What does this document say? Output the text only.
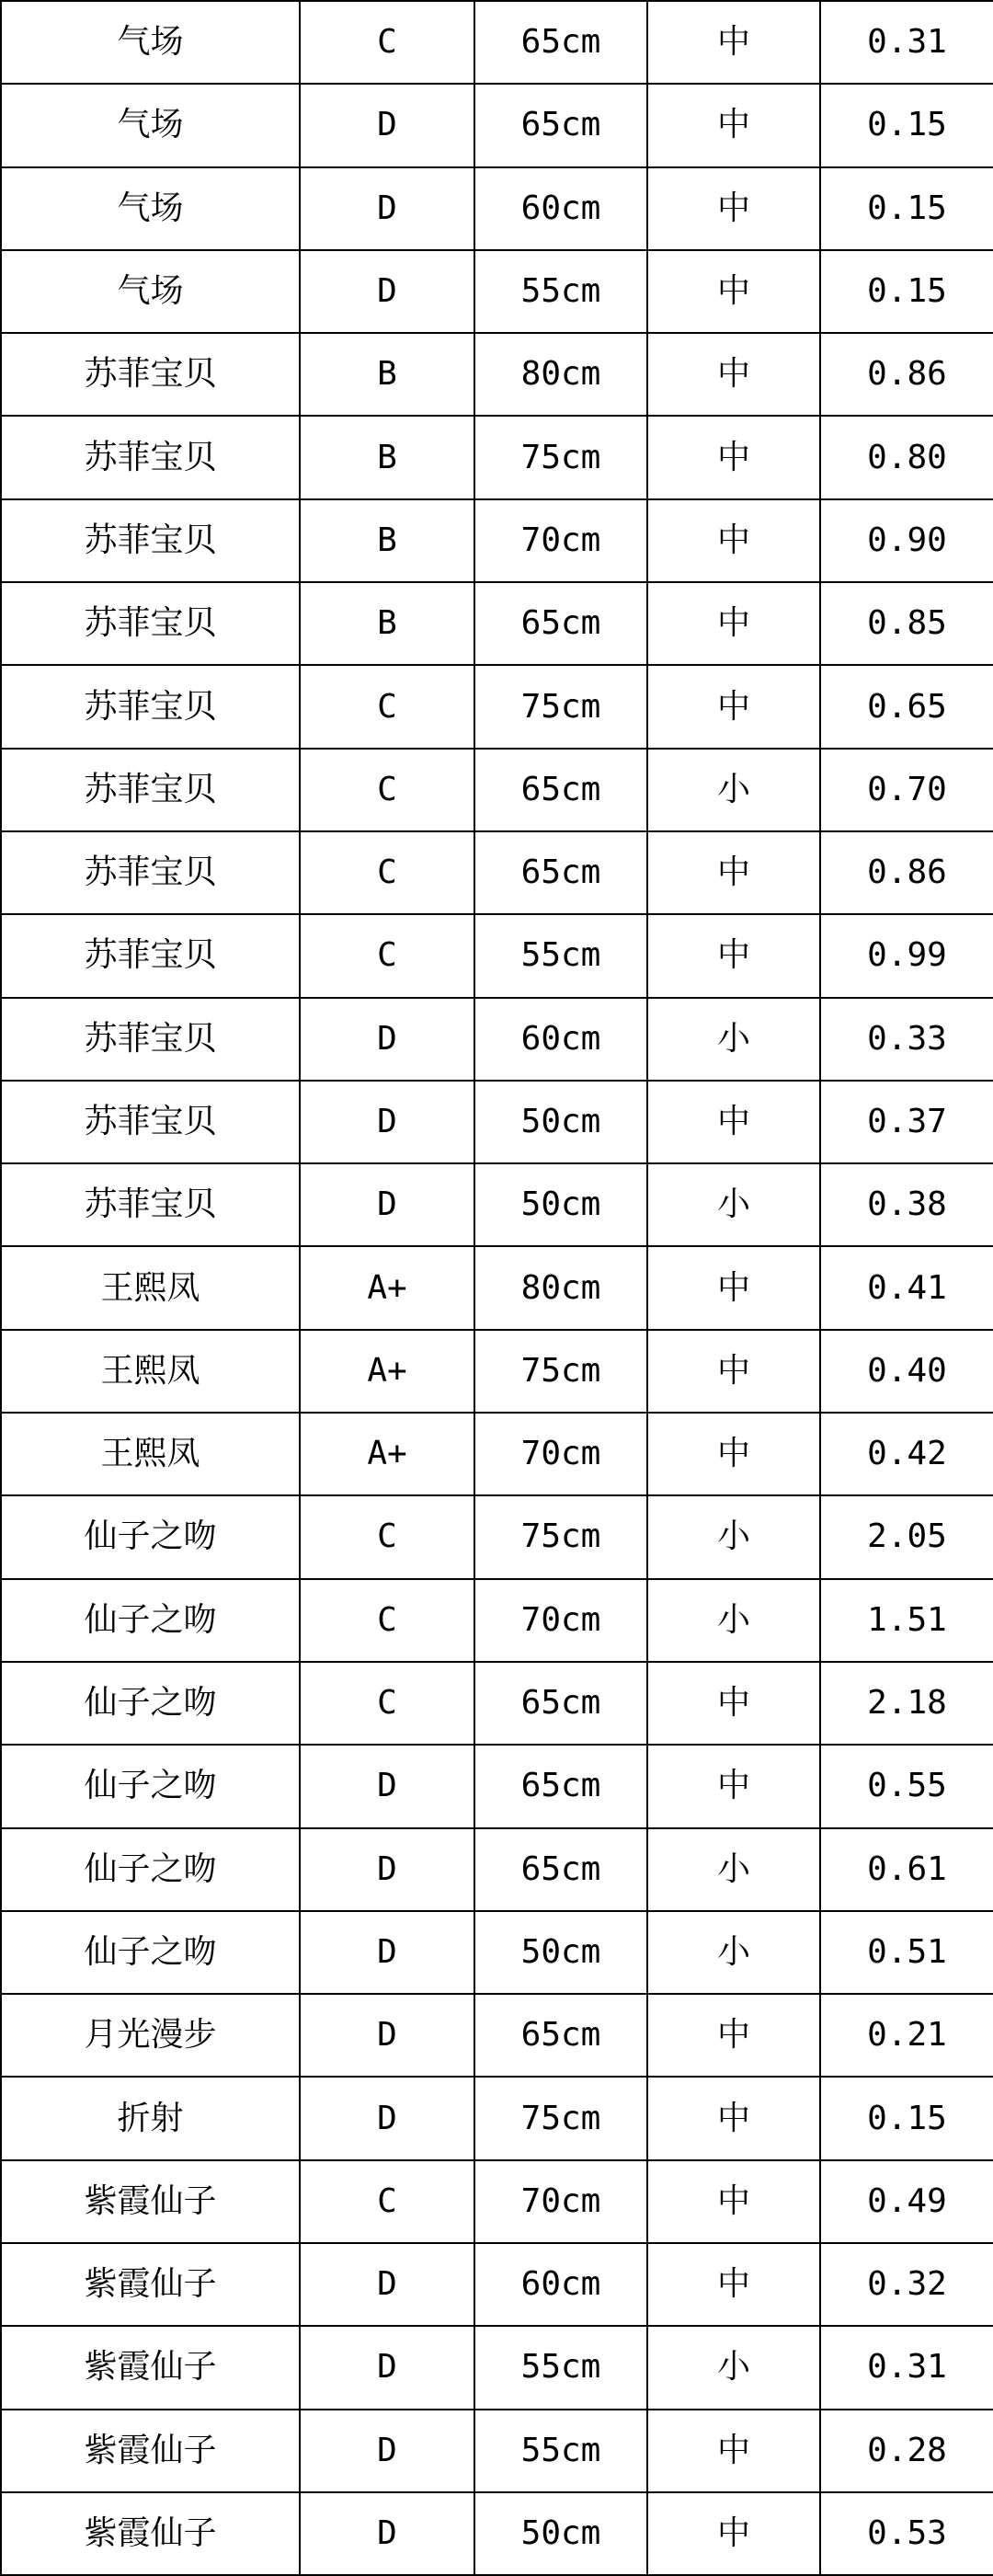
气场	C	65cm	中	0.31
气场	D	65cm	中	0.15
气场	D	60cm	中	0.15
气场	D	55cm	中	0.15
苏菲宝贝	B	80cm	中	0.86
苏菲宝贝	B	75cm	中	0.80
苏菲宝贝	B	70cm	中	0.90
苏菲宝贝	B	65cm	中	0.85
苏菲宝贝	C	75cm	中	0.65
苏菲宝贝	C	65cm	小	0.70
苏菲宝贝	C	65cm	中	0.86
苏菲宝贝	C	55cm	中	0.99
苏菲宝贝	D	60cm	小	0.33
苏菲宝贝	D	50cm	中	0.37
苏菲宝贝	D	50cm	小	0.38
王熙凤	A+	80cm	中	0.41
王熙凤	A+	75cm	中	0.40
王熙凤	A+	70cm	中	0.42
仙子之吻	C	75cm	小	2.05
仙子之吻	C	70cm	小	1.51
仙子之吻	C	65cm	中	2.18
仙子之吻	D	65cm	中	0.55
仙子之吻	D	65cm	小	0.61
仙子之吻	D	50cm	小	0.51
月光漫步	D	65cm	中	0.21
折射	D	75cm	中	0.15
紫霞仙子	C	70cm	中	0.49
紫霞仙子	D	60cm	中	0.32
紫霞仙子	D	55cm	小	0.31
紫霞仙子	D	55cm	中	0.28
紫霞仙子	D	50cm	中	0.53
